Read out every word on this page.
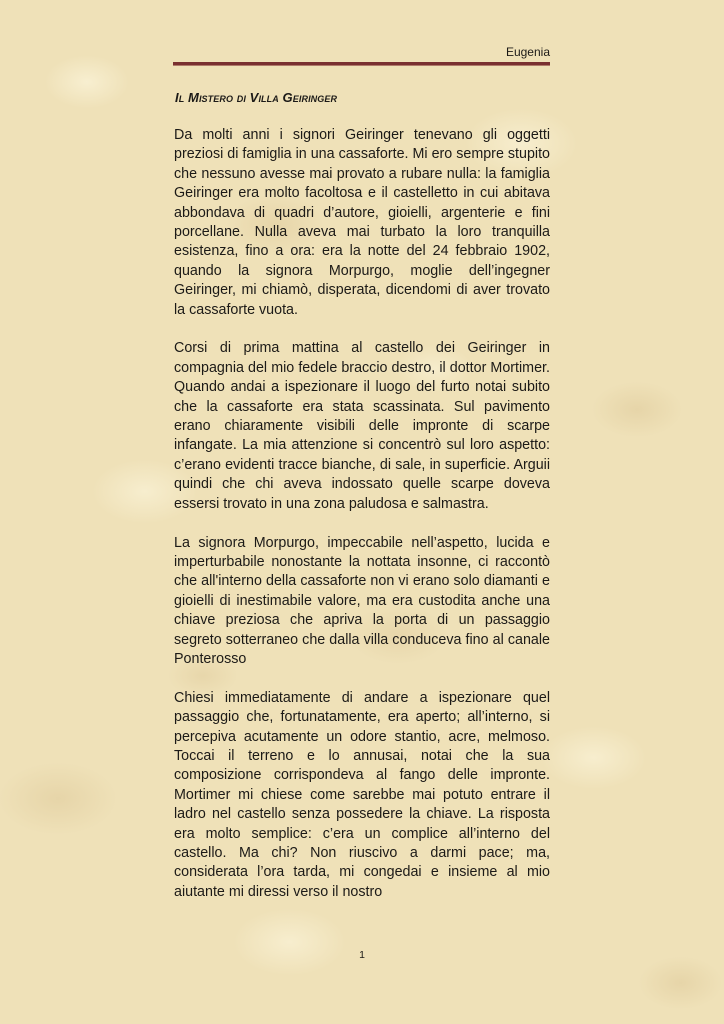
Eugenia
Il Mistero di Villa Geiringer

Da molti anni i signori Geiringer tenevano gli oggetti preziosi di famiglia in una cassaforte. Mi ero sempre stupito che nessuno avesse mai provato a rubare nulla: la famiglia Geiringer era molto facoltosa e il castelletto in cui abitava abbondava di quadri d’autore, gioielli, argenterie e fini porcellane. Nulla aveva mai turbato la loro tranquilla esistenza, fino a ora: era la notte del 24 febbraio 1902, quando la signora Morpurgo, moglie dell’ingegner Geiringer, mi chiamò, disperata, dicendomi di aver trovato la cassaforte vuota.

Corsi di prima mattina al castello dei Geiringer in compagnia del mio fedele braccio destro, il dottor Mortimer. Quando andai a ispezionare il luogo del furto notai subito che la cassaforte era stata scassinata. Sul pavimento erano chiaramente visibili delle impronte di scarpe infangate. La mia attenzione si concentrò sul loro aspetto: c’erano evidenti tracce bianche, di sale, in superficie. Arguii quindi che chi aveva indossato quelle scarpe doveva essersi trovato in una zona paludosa e salmastra.

La signora Morpurgo, impeccabile nell’aspetto, lucida e imperturbabile nonostante la nottata insonne, ci raccontò che all'interno della cassaforte non vi erano solo diamanti e gioielli di inestimabile valore, ma era custodita anche una chiave preziosa che apriva la porta di un passaggio segreto sotterraneo che dalla villa conduceva fino al canale Ponterosso

Chiesi immediatamente di andare a ispezionare quel passaggio che, fortunatamente, era aperto; all’interno, si percepiva acutamente un odore stantio, acre, melmoso. Toccai il terreno e lo annusai, notai che la sua composizione corrispondeva al fango delle impronte. Mortimer mi chiese come sarebbe mai potuto entrare il ladro nel castello senza possedere la chiave. La risposta era molto semplice: c’era un complice all’interno del castello. Ma chi? Non riuscivo a darmi pace; ma, considerata l’ora tarda, mi congedai e insieme al mio aiutante mi diressi verso il nostro

1
